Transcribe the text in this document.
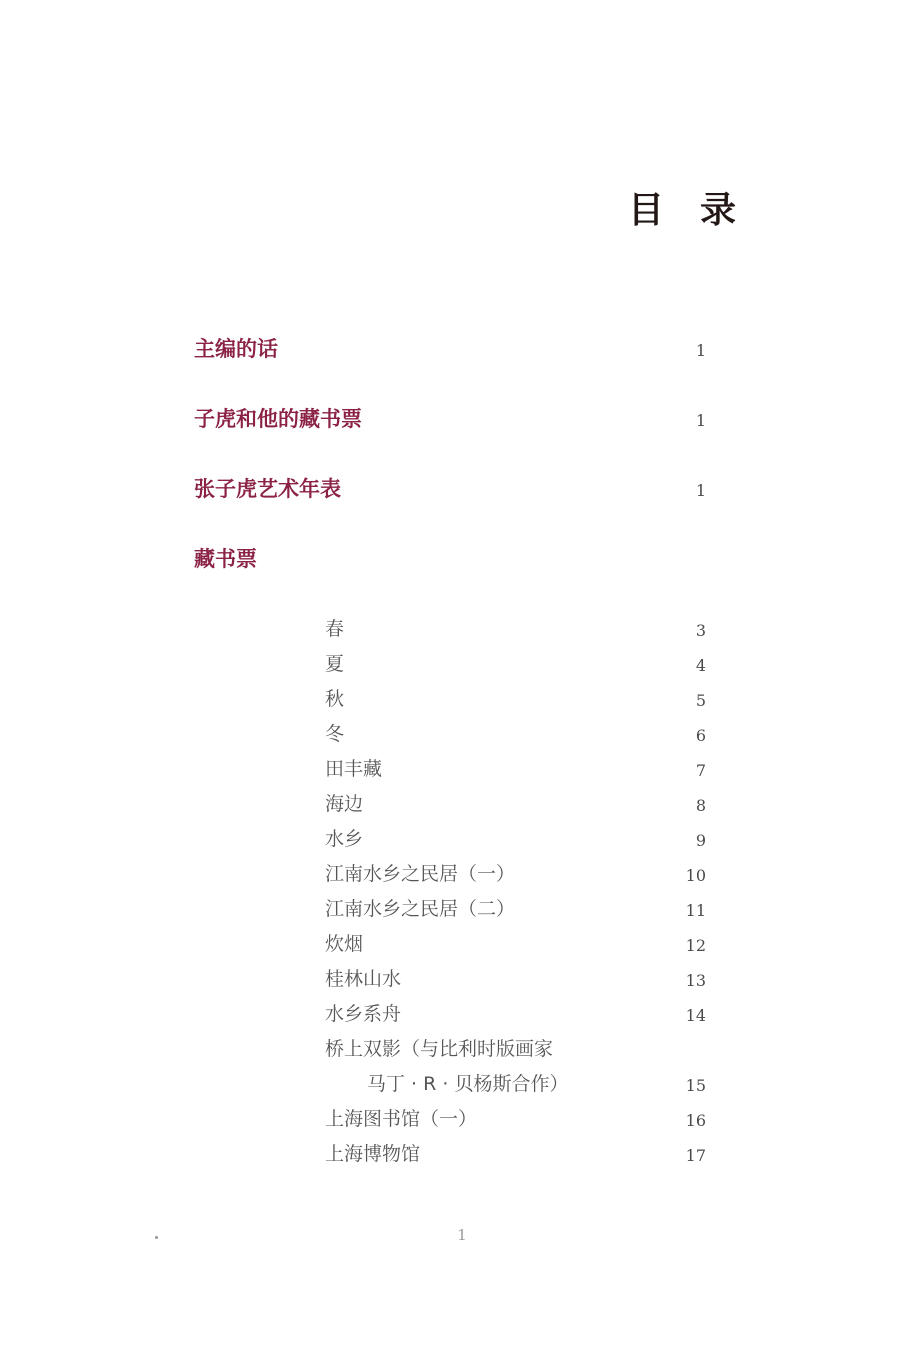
目　录
主编的话	1
子虎和他的藏书票	1
张子虎艺术年表	1
藏书票
春	3
夏	4
秋	5
冬	6
田丰藏	7
海边	8
水乡	9
江南水乡之民居（一）	10
江南水乡之民居（二）	11
炊烟	12
桂林山水	13
水乡系舟	14
桥上双影（与比利时版画家
马丁 · R · 贝杨斯合作）	15
上海图书馆（一）	16
上海博物馆	17
1
